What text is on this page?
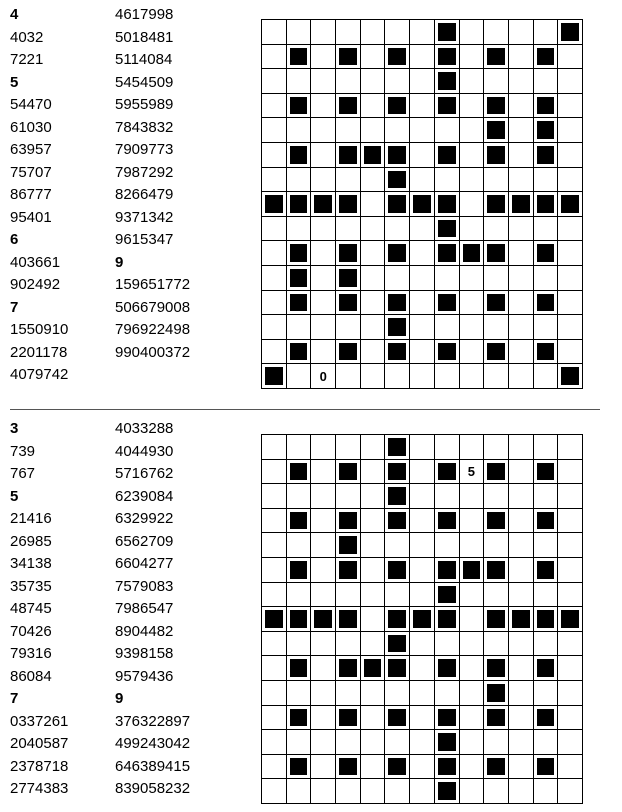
4
4032
7221
5
54470
61030
63957
75707
86777
95401
6
403661
902492
7
1550910
2201178
4079742
4617998
5018481
5114084
5454509
5955989
7843832
7909773
7987292
8266479
9371342
9615347
9
159651772
506679008
796922498
990400372
0
3
739
767
5
21416
26985
34138
35735
48745
70426
79316
86084
7
0337261
2040587
2378718
2774383
4033288
4044930
5716762
6239084
6329922
6562709
6604277
7579083
7986547
8904482
9398158
9579436
9
376322897
499243042
646389415
839058232
5
